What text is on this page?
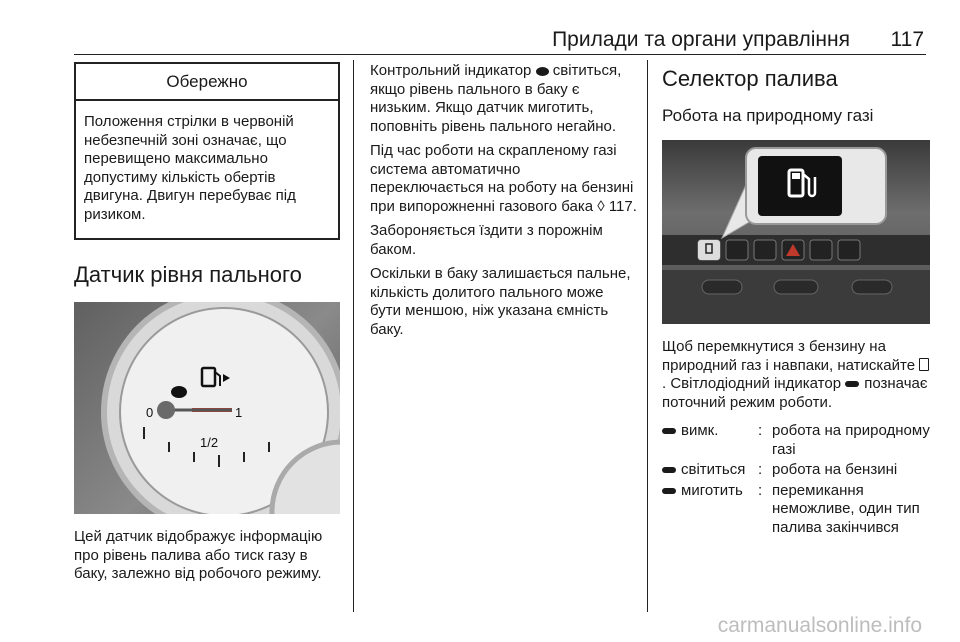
Прилади та органи управління 117
Обережно
Положення стрілки в червоній небезпечній зоні означає, що перевищено максимально допустиму кількість обертів двигуна. Двигун перебуває під ризиком.
Датчик рівня пального
0	1
1/2
Цей датчик відображує інформацію про рівень палива або тиск газу в баку, залежно від робочого режиму.
Контрольний індикатор світиться, якщо рівень пального в баку є низьким. Якщо датчик миготить, поповніть рівень пального негайно.
Під час роботи на скрапленому газі система автоматично переключається на роботу на бензині при випорожненні газового бака ◊ 117.
Забороняється їздити з порожнім баком.
Оскільки в баку залишається пальне, кількість долитого пального може бути меншою, ніж указана ємність баку.
Селектор палива
Робота на природному газі
Щоб перемкнутися з бензину на природний газ і навпаки, натискайте . Світлодіодний індикатор позначає поточний режим роботи.
вимк.	:	робота на природному газі
світиться	:	робота на бензині
миготить	:	перемикання неможливе, один тип палива закінчився
carmanualsonline.info
